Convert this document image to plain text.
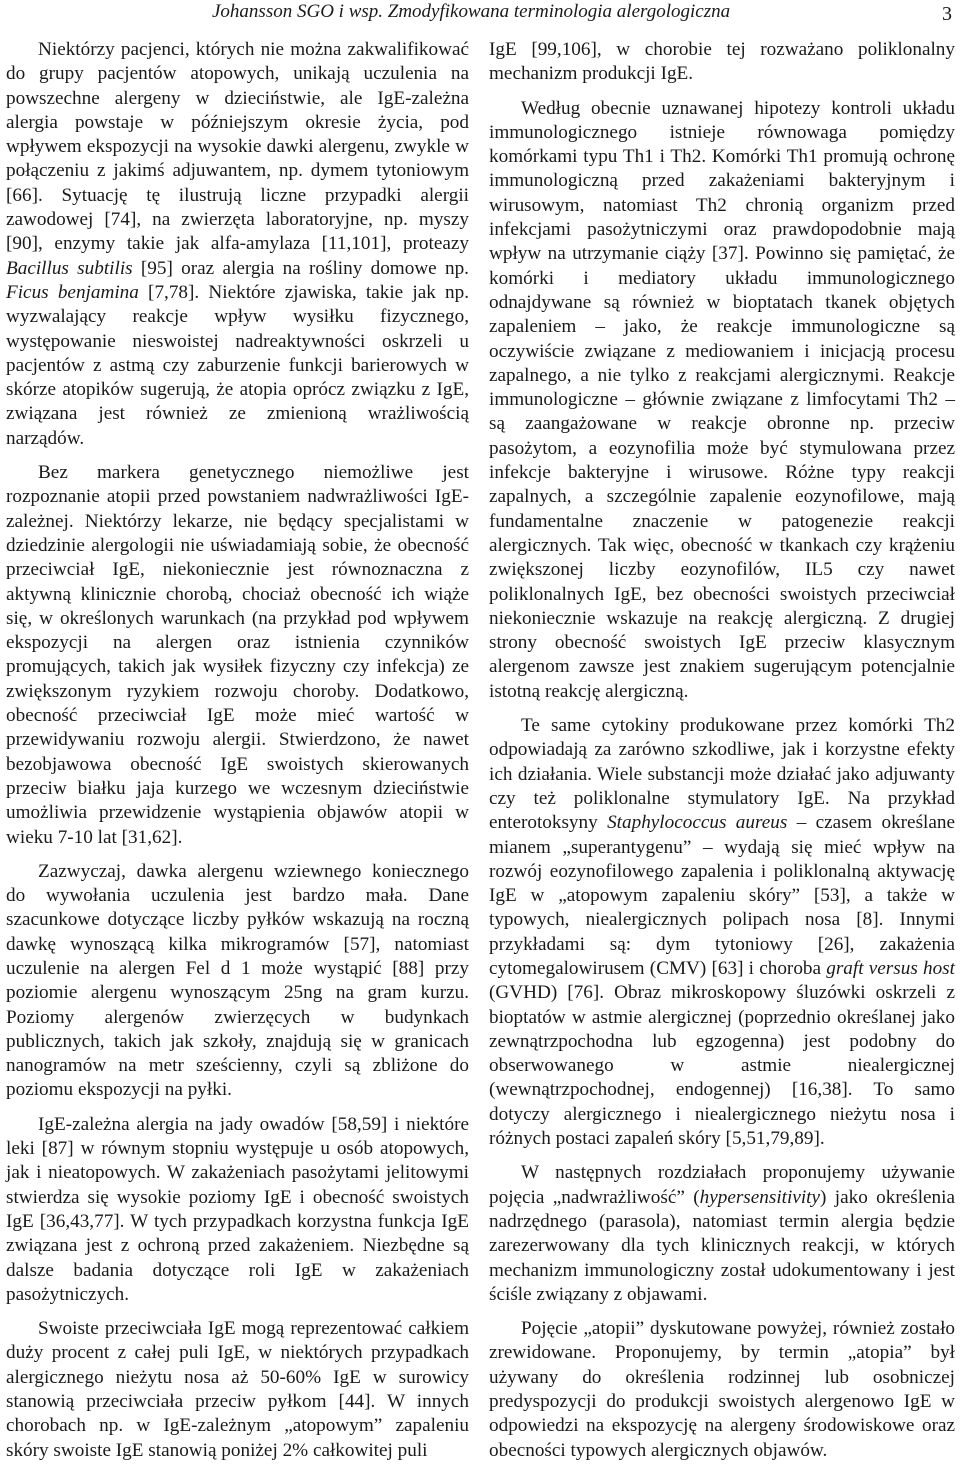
Johansson SGO i wsp. Zmodyfikowana terminologia alergologiczna	3

Niektórzy pacjenci, których nie można zakwalifikować do grupy pacjentów atopowych, unikają uczulenia na powszechne alergeny w dzieciństwie, ale IgE-zależna alergia powstaje w późniejszym okresie życia, pod wpływem ekspozycji na wysokie dawki alergenu, zwykle w połączeniu z jakimś adjuwantem, np. dymem tytoniowym [66]. Sytuację tę ilustrują liczne przypadki alergii zawodowej [74], na zwierzęta laboratoryjne, np. myszy [90], enzymy takie jak alfa-amylaza [11,101], proteazy Bacillus subtilis [95] oraz alergia na rośliny domowe np. Ficus benjamina [7,78]. Niektóre zjawiska, takie jak np. wyzwalający reakcje wpływ wysiłku fizycznego, występowanie nieswoistej nadreaktywności oskrzeli u pacjentów z astmą czy zaburzenie funkcji barierowych w skórze atopików sugerują, że atopia oprócz związku z IgE, związana jest również ze zmienioną wrażliwością narządów.

Bez markera genetycznego niemożliwe jest rozpoznanie atopii przed powstaniem nadwrażliwości IgE-zależnej. Niektórzy lekarze, nie będący specjalistami w dziedzinie alergologii nie uświadamiają sobie, że obecność przeciwciał IgE, niekoniecznie jest równoznaczna z aktywną klinicznie chorobą, chociaż obecność ich wiąże się, w określonych warunkach (na przykład pod wpływem ekspozycji na alergen oraz istnienia czynników promujących, takich jak wysiłek fizyczny czy infekcja) ze zwiększonym ryzykiem rozwoju choroby. Dodatkowo, obecność przeciwciał IgE może mieć wartość w przewidywaniu rozwoju alergii. Stwierdzono, że nawet bezobjawowa obecność IgE swoistych skierowanych przeciw białku jaja kurzego we wczesnym dzieciństwie umożliwia przewidzenie wystąpienia objawów atopii w wieku 7-10 lat [31,62].

Zazwyczaj, dawka alergenu wziewnego koniecznego do wywołania uczulenia jest bardzo mała. Dane szacunkowe dotyczące liczby pyłków wskazują na roczną dawkę wynoszącą kilka mikrogramów [57], natomiast uczulenie na alergen Fel d 1 może wystąpić [88] przy poziomie alergenu wynoszącym 25ng na gram kurzu. Poziomy alergenów zwierzęcych w budynkach publicznych, takich jak szkoły, znajdują się w granicach nanogramów na metr sześcienny, czyli są zbliżone do poziomu ekspozycji na pyłki.

IgE-zależna alergia na jady owadów [58,59] i niektóre leki [87] w równym stopniu występuje u osób atopowych, jak i nieatopowych. W zakażeniach pasożytami jelitowymi stwierdza się wysokie poziomy IgE i obecność swoistych IgE [36,43,77]. W tych przypadkach korzystna funkcja IgE związana jest z ochroną przed zakażeniem. Niezbędne są dalsze badania dotyczące roli IgE w zakażeniach pasożytniczych.

Swoiste przeciwciała IgE mogą reprezentować całkiem duży procent z całej puli IgE, w niektórych przypadkach alergicznego nieżytu nosa aż 50-60% IgE w surowicy stanowią przeciwciała przeciw pyłkom [44]. W innych chorobach np. w IgE-zależnym „atopowym” zapaleniu skóry swoiste IgE stanowią poniżej 2% całkowitej puli

IgE [99,106], w chorobie tej rozważano poliklonalny mechanizm produkcji IgE.

Według obecnie uznawanej hipotezy kontroli układu immunologicznego istnieje równowaga pomiędzy komórkami typu Th1 i Th2. Komórki Th1 promują ochronę immunologiczną przed zakażeniami bakteryjnym i wirusowym, natomiast Th2 chronią organizm przed infekcjami pasożytniczymi oraz prawdopodobnie mają wpływ na utrzymanie ciąży [37]. Powinno się pamiętać, że komórki i mediatory układu immunologicznego odnajdywane są również w bioptatach tkanek objętych zapaleniem – jako, że reakcje immunologiczne są oczywiście związane z mediowaniem i inicjacją procesu zapalnego, a nie tylko z reakcjami alergicznymi. Reakcje immunologiczne – głównie związane z limfocytami Th2 – są zaangażowane w reakcje obronne np. przeciw pasożytom, a eozynofilia może być stymulowana przez infekcje bakteryjne i wirusowe. Różne typy reakcji zapalnych, a szczególnie zapalenie eozynofilowe, mają fundamentalne znaczenie w patogenezie reakcji alergicznych. Tak więc, obecność w tkankach czy krążeniu zwiększonej liczby eozynofilów, IL5 czy nawet poliklonalnych IgE, bez obecności swoistych przeciwciał niekoniecznie wskazuje na reakcję alergiczną. Z drugiej strony obecność swoistych IgE przeciw klasycznym alergenom zawsze jest znakiem sugerującym potencjalnie istotną reakcję alergiczną.

Te same cytokiny produkowane przez komórki Th2 odpowiadają za zarówno szkodliwe, jak i korzystne efekty ich działania. Wiele substancji może działać jako adjuwanty czy też poliklonalne stymulatory IgE. Na przykład enterotoksyny Staphylococcus aureus – czasem określane mianem „superantygenu” – wydają się mieć wpływ na rozwój eozynofilowego zapalenia i poliklonalną aktywację IgE w „atopowym zapaleniu skóry” [53], a także w typowych, niealergicznych polipach nosa [8]. Innymi przykładami są: dym tytoniowy [26], zakażenia cytomegalowirusem (CMV) [63] i choroba graft versus host (GVHD) [76]. Obraz mikroskopowy śluzówki oskrzeli z bioptatów w astmie alergicznej (poprzednio określanej jako zewnątrzpochodna lub egzogenna) jest podobny do obserwowanego w astmie niealergicznej (wewnątrzpochodnej, endogennej) [16,38]. To samo dotyczy alergicznego i niealergicznego nieżytu nosa i różnych postaci zapaleń skóry [5,51,79,89].

W następnych rozdziałach proponujemy używanie pojęcia „nadwrażliwość” (hypersensitivity) jako określenia nadrzędnego (parasola), natomiast termin alergia będzie zarezerwowany dla tych klinicznych reakcji, w których mechanizm immunologiczny został udokumentowany i jest ściśle związany z objawami.

Pojęcie „atopii” dyskutowane powyżej, również zostało zrewidowane. Proponujemy, by termin „atopia” był używany do określenia rodzinnej lub osobniczej predyspozycji do produkcji swoistych alergenowo IgE w odpowiedzi na ekspozycję na alergeny środowiskowe oraz obecności typowych alergicznych objawów.
